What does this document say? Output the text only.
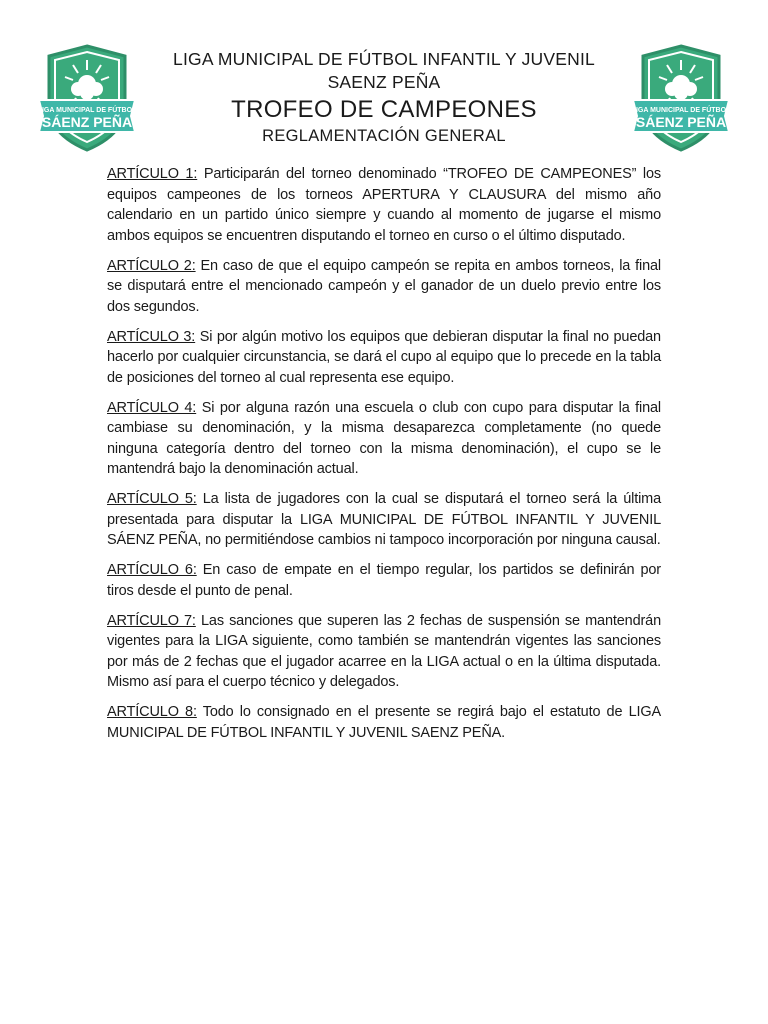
LIGA MUNICIPAL DE FÚTBOL
SÁENZ PEÑA
LIGA MUNICIPAL DE FÚTBOL
SÁENZ PEÑA
LIGA MUNICIPAL DE FÚTBOL INFANTIL Y JUVENIL
SAENZ PEÑA
TROFEO DE CAMPEONES
REGLAMENTACIÓN GENERAL

ARTÍCULO 1: Participarán del torneo denominado “TROFEO DE CAMPEONES” los equipos campeones de los torneos APERTURA Y CLAUSURA del mismo año calendario en un partido único siempre y cuando al momento de jugarse el mismo ambos equipos se encuentren disputando el torneo en curso o el último disputado.

ARTÍCULO 2: En caso de que el equipo campeón se repita en ambos torneos, la final se disputará entre el mencionado campeón y el ganador de un duelo previo entre los dos segundos.

ARTÍCULO 3: Si por algún motivo los equipos que debieran disputar la final no puedan hacerlo por cualquier circunstancia, se dará el cupo al equipo que lo precede en la tabla de posiciones del torneo al cual representa ese equipo.

ARTÍCULO 4: Si por alguna razón una escuela o club con cupo para disputar la final cambiase su denominación, y la misma desaparezca completamente (no quede ninguna categoría dentro del torneo con la misma denominación), el cupo se le mantendrá bajo la denominación actual.

ARTÍCULO 5: La lista de jugadores con la cual se disputará el torneo será la última presentada para disputar la LIGA MUNICIPAL DE FÚTBOL INFANTIL Y JUVENIL SÁENZ PEÑA, no permitiéndose cambios ni tampoco incorporación por ninguna causal.

ARTÍCULO 6: En caso de empate en el tiempo regular, los partidos se definirán por tiros desde el punto de penal.

ARTÍCULO 7: Las sanciones que superen las 2 fechas de suspensión se mantendrán vigentes para la LIGA siguiente, como también se mantendrán vigentes las sanciones por más de 2 fechas que el jugador acarree en la LIGA actual o en la última disputada. Mismo así para el cuerpo técnico y delegados.

ARTÍCULO 8: Todo lo consignado en el presente se regirá bajo el estatuto de LIGA MUNICIPAL DE FÚTBOL INFANTIL Y JUVENIL SAENZ PEÑA.
